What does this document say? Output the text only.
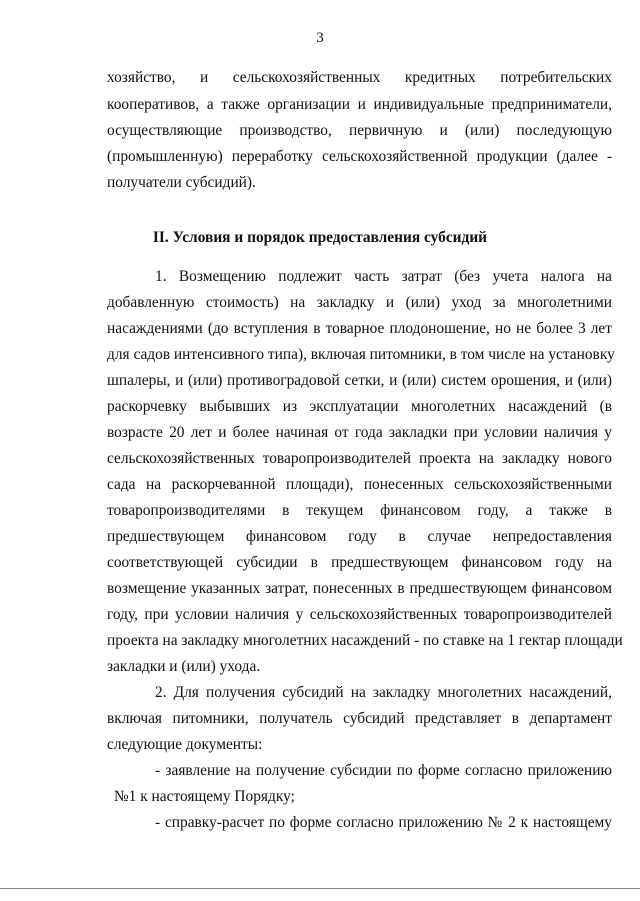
3
хозяйство, и сельскохозяйственных кредитных потребительских
кооперативов, а также организации и индивидуальные предприниматели,
осуществляющие производство, первичную и (или) последующую
(промышленную) переработку сельскохозяйственной продукции (далее -
получатели субсидий).
II. Условия и порядок предоставления субсидий
1. Возмещению подлежит часть затрат (без учета налога на
добавленную стоимость) на закладку и (или) уход за многолетними
насаждениями (до вступления в товарное плодоношение, но не более 3 лет
для садов интенсивного типа), включая питомники, в том числе на установку
шпалеры, и (или) противоградовой сетки, и (или) систем орошения, и (или)
раскорчевку выбывших из эксплуатации многолетних насаждений (в
возрасте 20 лет и более начиная от года закладки при условии наличия у
сельскохозяйственных товаропроизводителей проекта на закладку нового
сада на раскорчеванной площади), понесенных сельскохозяйственными
товаропроизводителями в текущем финансовом году, а также в
предшествующем финансовом году в случае непредоставления
соответствующей субсидии в предшествующем финансовом году на
возмещение указанных затрат, понесенных в предшествующем финансовом
году, при условии наличия у сельскохозяйственных товаропроизводителей
проекта на закладку многолетних насаждений - по ставке на 1 гектар площади
закладки и (или) ухода.
2. Для получения субсидий на закладку многолетних насаждений,
включая питомники, получатель субсидий представляет в департамент
следующие документы:
- заявление на получение субсидии по форме согласно приложению
№1 к настоящему Порядку;
- справку-расчет по форме согласно приложению № 2 к настоящему
